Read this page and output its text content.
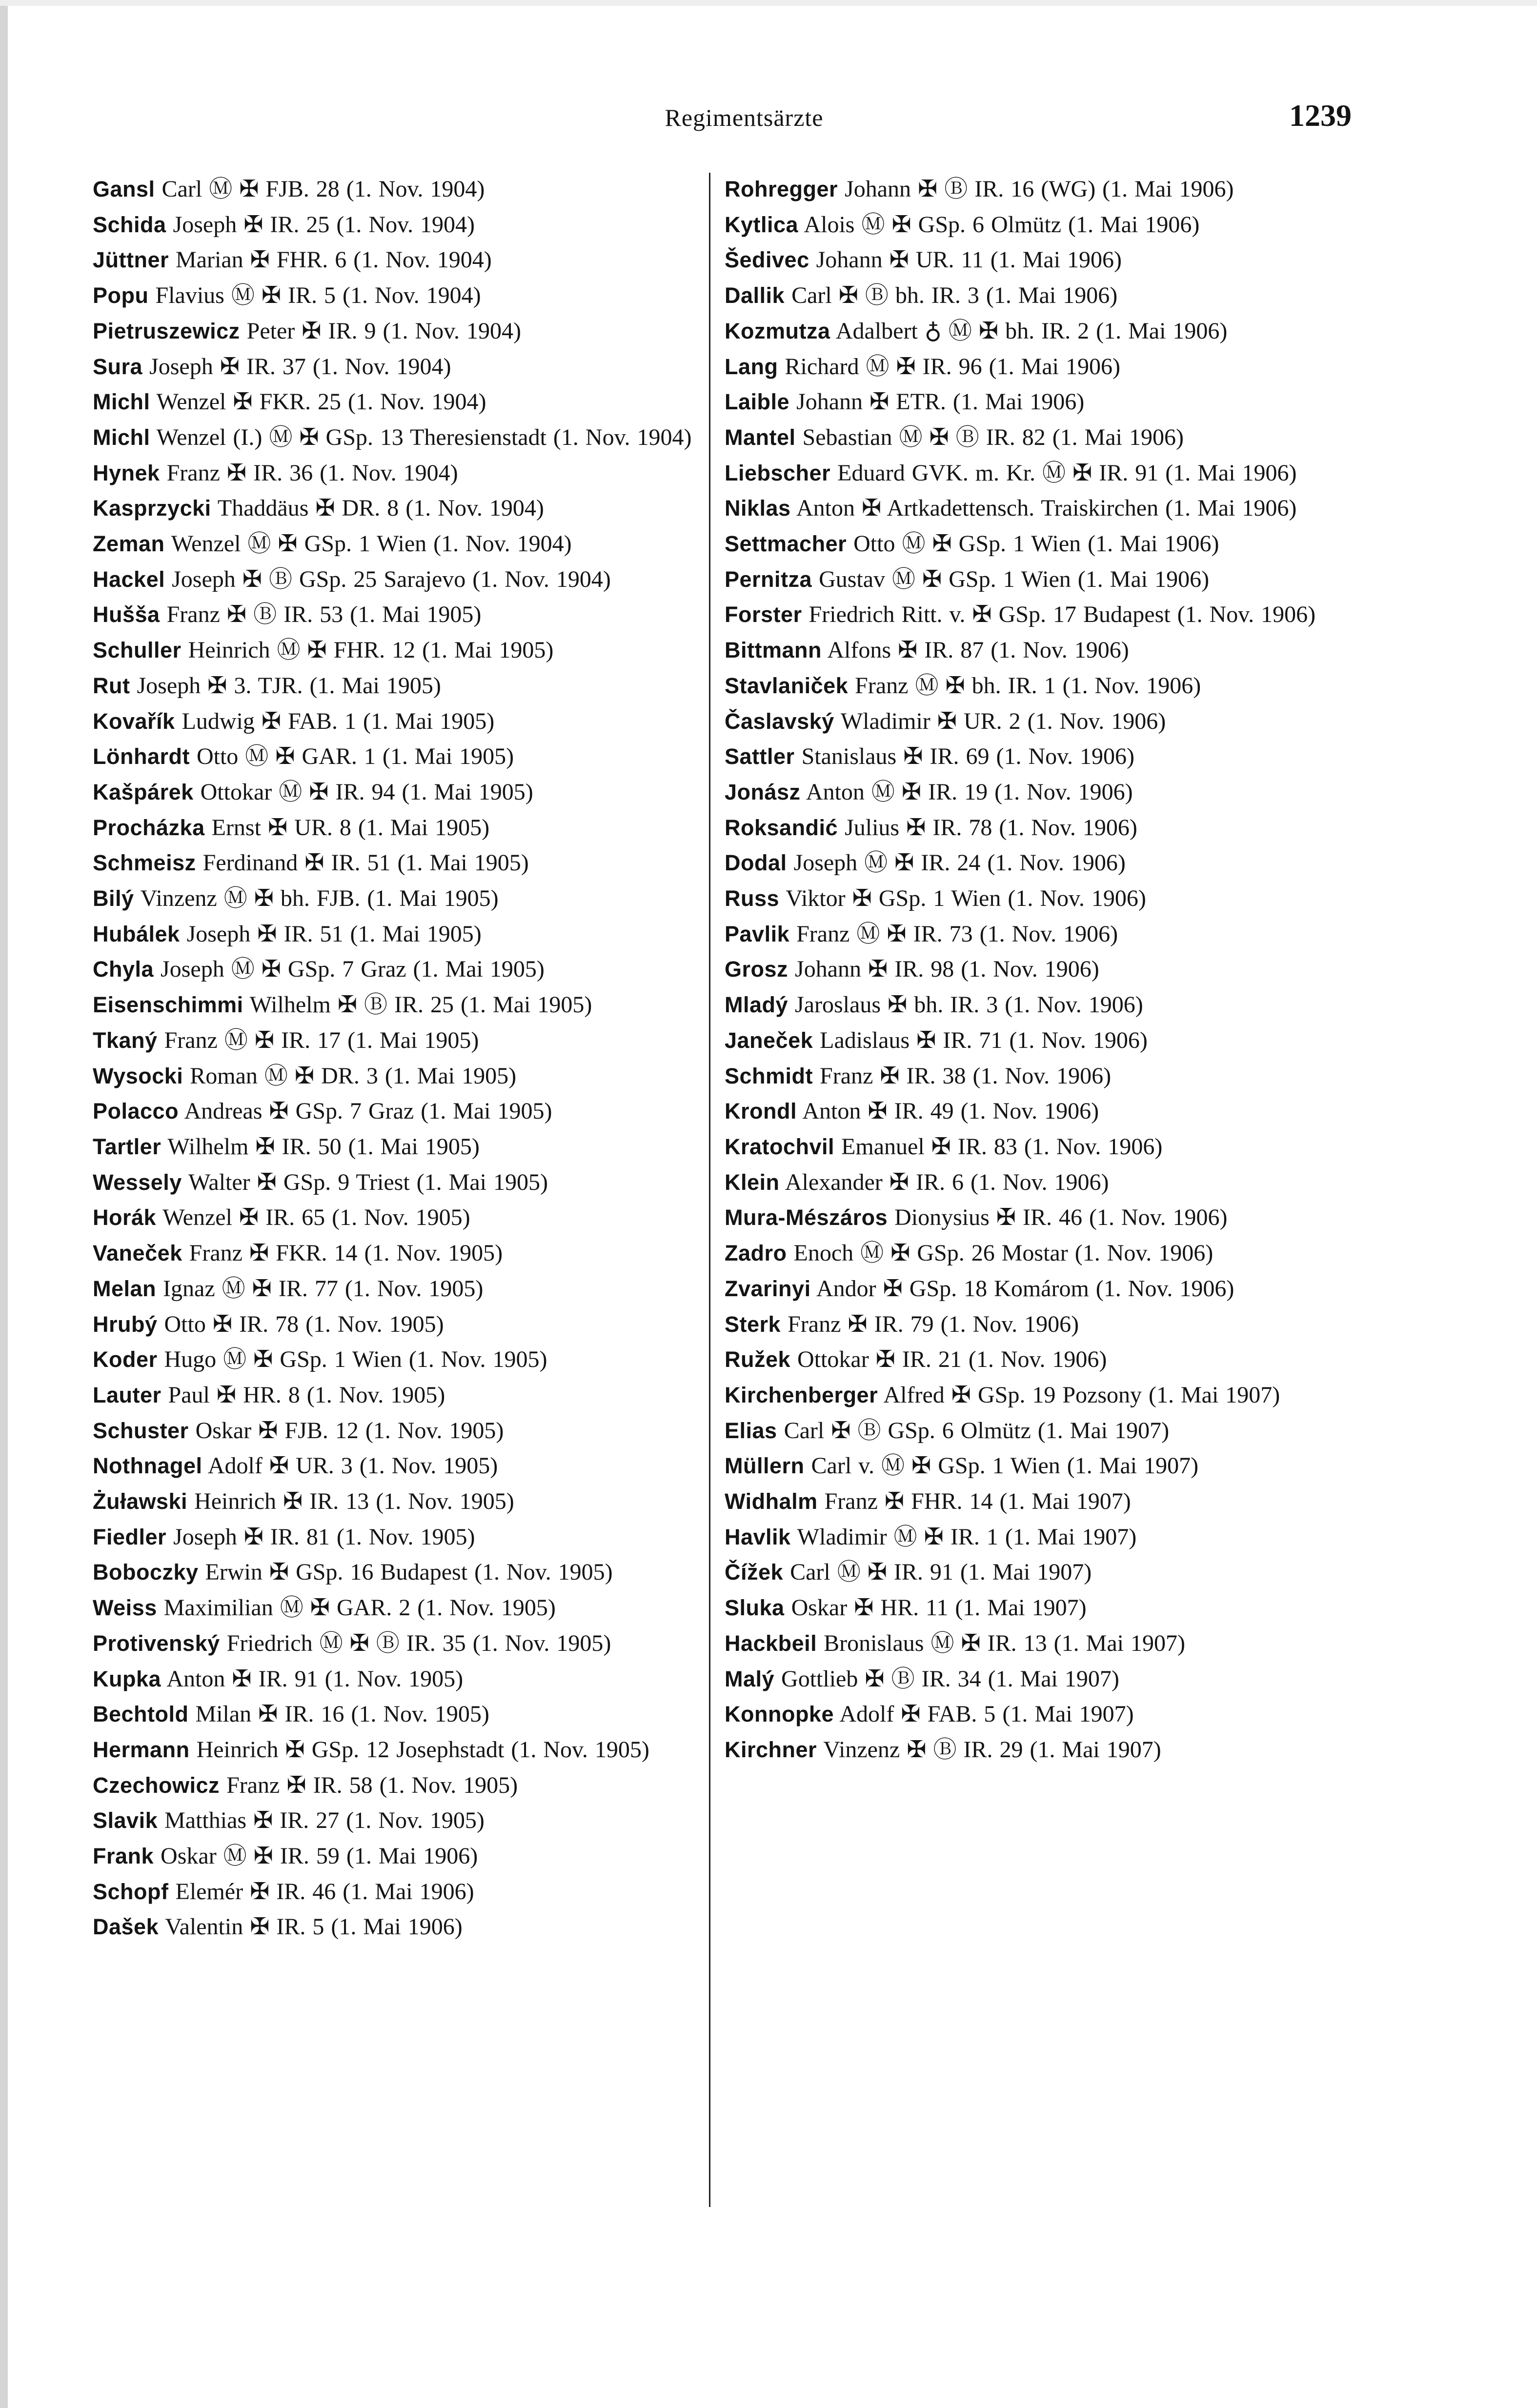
Regimentsärzte	1239
Gansl Carl Ⓜ ✠ FJB. 28 (1. Nov. 1904)
Schida Joseph ✠ IR. 25 (1. Nov. 1904)
Jüttner Marian ✠ FHR. 6 (1. Nov. 1904)
Popu Flavius Ⓜ ✠ IR. 5 (1. Nov. 1904)
Pietruszewicz Peter ✠ IR. 9 (1. Nov. 1904)
Sura Joseph ✠ IR. 37 (1. Nov. 1904)
Michl Wenzel ✠ FKR. 25 (1. Nov. 1904)
Michl Wenzel (I.) Ⓜ ✠ GSp. 13 Theresienstadt (1. Nov. 1904)
Hynek Franz ✠ IR. 36 (1. Nov. 1904)
Kasprzycki Thaddäus ✠ DR. 8 (1. Nov. 1904)
Zeman Wenzel Ⓜ ✠ GSp. 1 Wien (1. Nov. 1904)
Hackel Joseph ✠ Ⓑ GSp. 25 Sarajevo (1. Nov. 1904)
Hušša Franz ✠ Ⓑ IR. 53 (1. Mai 1905)
Schuller Heinrich Ⓜ ✠ FHR. 12 (1. Mai 1905)
Rut Joseph ✠ 3. TJR. (1. Mai 1905)
Kovařík Ludwig ✠ FAB. 1 (1. Mai 1905)
Lönhardt Otto Ⓜ ✠ GAR. 1 (1. Mai 1905)
Kašpárek Ottokar Ⓜ ✠ IR. 94 (1. Mai 1905)
Procházka Ernst ✠ UR. 8 (1. Mai 1905)
Schmeisz Ferdinand ✠ IR. 51 (1. Mai 1905)
Bilý Vinzenz Ⓜ ✠ bh. FJB. (1. Mai 1905)
Hubálek Joseph ✠ IR. 51 (1. Mai 1905)
Chyla Joseph Ⓜ ✠ GSp. 7 Graz (1. Mai 1905)
Eisenschimmi Wilhelm ✠ Ⓑ IR. 25 (1. Mai 1905)
Tkaný Franz Ⓜ ✠ IR. 17 (1. Mai 1905)
Wysocki Roman Ⓜ ✠ DR. 3 (1. Mai 1905)
Polacco Andreas ✠ GSp. 7 Graz (1. Mai 1905)
Tartler Wilhelm ✠ IR. 50 (1. Mai 1905)
Wessely Walter ✠ GSp. 9 Triest (1. Mai 1905)
Horák Wenzel ✠ IR. 65 (1. Nov. 1905)
Vaneček Franz ✠ FKR. 14 (1. Nov. 1905)
Melan Ignaz Ⓜ ✠ IR. 77 (1. Nov. 1905)
Hrubý Otto ✠ IR. 78 (1. Nov. 1905)
Koder Hugo Ⓜ ✠ GSp. 1 Wien (1. Nov. 1905)
Lauter Paul ✠ HR. 8 (1. Nov. 1905)
Schuster Oskar ✠ FJB. 12 (1. Nov. 1905)
Nothnagel Adolf ✠ UR. 3 (1. Nov. 1905)
Żuławski Heinrich ✠ IR. 13 (1. Nov. 1905)
Fiedler Joseph ✠ IR. 81 (1. Nov. 1905)
Boboczky Erwin ✠ GSp. 16 Budapest (1. Nov. 1905)
Weiss Maximilian Ⓜ ✠ GAR. 2 (1. Nov. 1905)
Protivenský Friedrich Ⓜ ✠ Ⓑ IR. 35 (1. Nov. 1905)
Kupka Anton ✠ IR. 91 (1. Nov. 1905)
Bechtold Milan ✠ IR. 16 (1. Nov. 1905)
Hermann Heinrich ✠ GSp. 12 Josephstadt (1. Nov. 1905)
Czechowicz Franz ✠ IR. 58 (1. Nov. 1905)
Slavik Matthias ✠ IR. 27 (1. Nov. 1905)
Frank Oskar Ⓜ ✠ IR. 59 (1. Mai 1906)
Schopf Elemér ✠ IR. 46 (1. Mai 1906)
Dašek Valentin ✠ IR. 5 (1. Mai 1906)
Rohregger Johann ✠ Ⓑ IR. 16 (WG) (1. Mai 1906)
Kytlica Alois Ⓜ ✠ GSp. 6 Olmütz (1. Mai 1906)
Šedivec Johann ✠ UR. 11 (1. Mai 1906)
Dallik Carl ✠ Ⓑ bh. IR. 3 (1. Mai 1906)
Kozmutza Adalbert ♁ Ⓜ ✠ bh. IR. 2 (1. Mai 1906)
Lang Richard Ⓜ ✠ IR. 96 (1. Mai 1906)
Laible Johann ✠ ETR. (1. Mai 1906)
Mantel Sebastian Ⓜ ✠ Ⓑ IR. 82 (1. Mai 1906)
Liebscher Eduard GVK. m. Kr. Ⓜ ✠ IR. 91 (1. Mai 1906)
Niklas Anton ✠ Artkadettensch. Traiskirchen (1. Mai 1906)
Settmacher Otto Ⓜ ✠ GSp. 1 Wien (1. Mai 1906)
Pernitza Gustav Ⓜ ✠ GSp. 1 Wien (1. Mai 1906)
Forster Friedrich Ritt. v. ✠ GSp. 17 Budapest (1. Nov. 1906)
Bittmann Alfons ✠ IR. 87 (1. Nov. 1906)
Stavlaniček Franz Ⓜ ✠ bh. IR. 1 (1. Nov. 1906)
Časlavský Wladimir ✠ UR. 2 (1. Nov. 1906)
Sattler Stanislaus ✠ IR. 69 (1. Nov. 1906)
Jonász Anton Ⓜ ✠ IR. 19 (1. Nov. 1906)
Roksandić Julius ✠ IR. 78 (1. Nov. 1906)
Dodal Joseph Ⓜ ✠ IR. 24 (1. Nov. 1906)
Russ Viktor ✠ GSp. 1 Wien (1. Nov. 1906)
Pavlik Franz Ⓜ ✠ IR. 73 (1. Nov. 1906)
Grosz Johann ✠ IR. 98 (1. Nov. 1906)
Mladý Jaroslaus ✠ bh. IR. 3 (1. Nov. 1906)
Janeček Ladislaus ✠ IR. 71 (1. Nov. 1906)
Schmidt Franz ✠ IR. 38 (1. Nov. 1906)
Krondl Anton ✠ IR. 49 (1. Nov. 1906)
Kratochvil Emanuel ✠ IR. 83 (1. Nov. 1906)
Klein Alexander ✠ IR. 6 (1. Nov. 1906)
Mura-Mészáros Dionysius ✠ IR. 46 (1. Nov. 1906)
Zadro Enoch Ⓜ ✠ GSp. 26 Mostar (1. Nov. 1906)
Zvarinyi Andor ✠ GSp. 18 Komárom (1. Nov. 1906)
Sterk Franz ✠ IR. 79 (1. Nov. 1906)
Ružek Ottokar ✠ IR. 21 (1. Nov. 1906)
Kirchenberger Alfred ✠ GSp. 19 Pozsony (1. Mai 1907)
Elias Carl ✠ Ⓑ GSp. 6 Olmütz (1. Mai 1907)
Müllern Carl v. Ⓜ ✠ GSp. 1 Wien (1. Mai 1907)
Widhalm Franz ✠ FHR. 14 (1. Mai 1907)
Havlik Wladimir Ⓜ ✠ IR. 1 (1. Mai 1907)
Čížek Carl Ⓜ ✠ IR. 91 (1. Mai 1907)
Sluka Oskar ✠ HR. 11 (1. Mai 1907)
Hackbeil Bronislaus Ⓜ ✠ IR. 13 (1. Mai 1907)
Malý Gottlieb ✠ Ⓑ IR. 34 (1. Mai 1907)
Konnopke Adolf ✠ FAB. 5 (1. Mai 1907)
Kirchner Vinzenz ✠ Ⓑ IR. 29 (1. Mai 1907)
